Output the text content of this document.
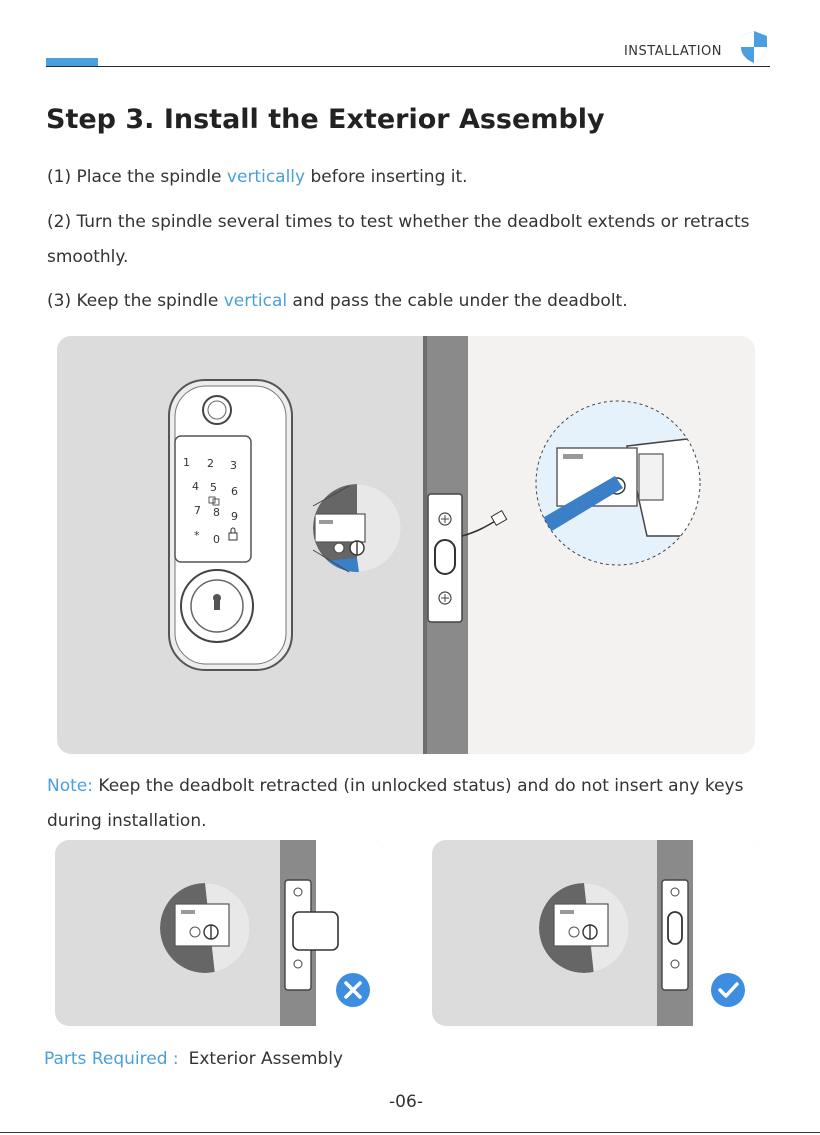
INSTALLATION
Step 3. Install the Exterior Assembly

(1) Place the spindle vertically before inserting it.

(2) Turn the spindle several times to test whether the deadbolt extends or retracts smoothly.

(3) Keep the spindle vertical and pass the cable under the deadbolt.

1 2 3
4 5 6
7 8 9
* 0

Note: Keep the deadbolt retracted (in unlocked status) and do not insert any keys during installation.

Parts Required : Exterior Assembly
-06-
